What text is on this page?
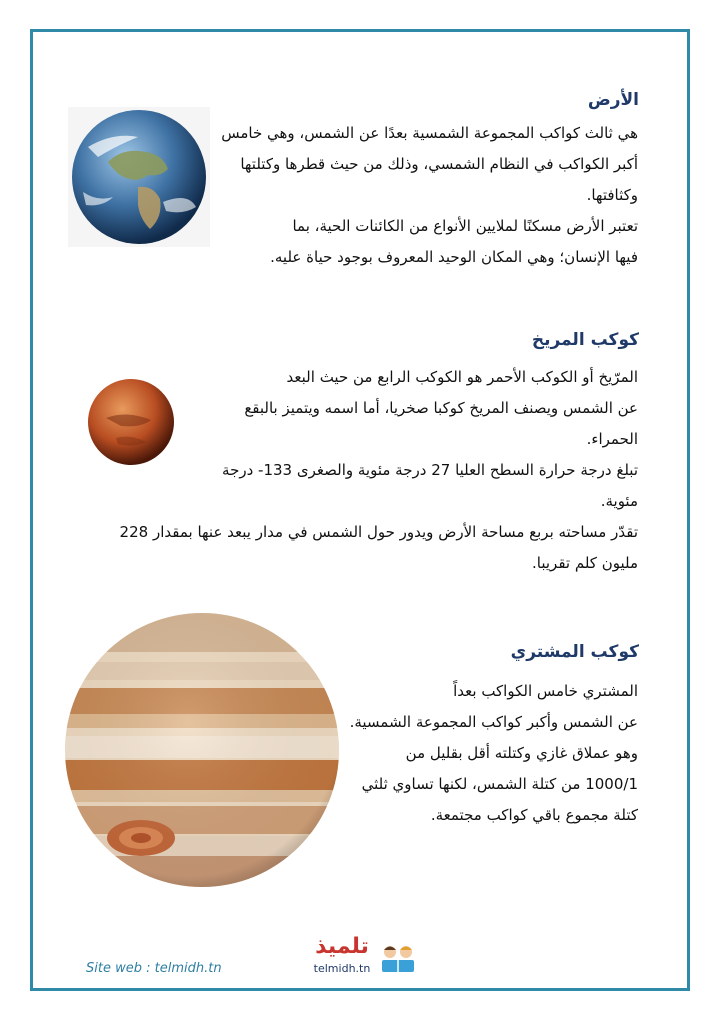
الأرض
هي ثالث كواكب المجموعة الشمسية بعدًا عن الشمس، وهي خامس
أكبر الكواكب في النظام الشمسي، وذلك من حيث قطرها وكتلتها
وكثافتها.
تعتبر الأرض مسكنًا لملايين الأنواع من الكائنات الحية، بما
فيها الإنسان؛ وهي المكان الوحيد المعروف بوجود حياة عليه.
كوكب المريخ
المرّيخ أو الكوكب الأحمر هو الكوكب الرابع من حيث البعد
عن الشمس ويصنف المريخ كوكبا صخريا، أما اسمه ويتميز بالبقع
الحمراء.
تبلغ درجة حرارة السطح العليا 27 درجة مئوية والصغرى 133- درجة
مئوية.
تقدّر مساحته بربع مساحة الأرض ويدور حول الشمس في مدار يبعد عنها بمقدار 228
مليون كلم تقريبا.
كوكب المشتري
المشتري خامس الكواكب بعداً
عن الشمس وأكبر كواكب المجموعة الشمسية.
وهو عملاق غازي وكتلته أقل بقليل من
1000/1 من كتلة الشمس، لكنها تساوي ثلثي
كتلة مجموع باقي كواكب مجتمعة.
Site web : telmidh.tn
تلميذ
telmidh.tn
